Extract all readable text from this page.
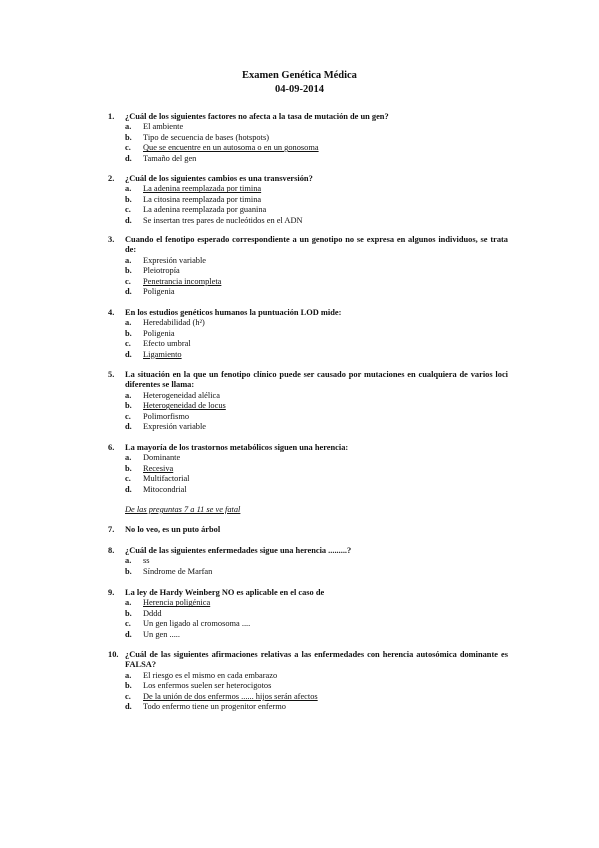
Examen Genética Médica
04-09-2014
1. ¿Cuál de los siguientes factores no afecta a la tasa de mutación de un gen?
a. El ambiente
b. Tipo de secuencia de bases (hotspots)
c. Que se encuentre en un autosoma o en un gonosoma
d. Tamaño del gen
2. ¿Cuál de los siguientes cambios es una transversión?
a. La adenina reemplazada por timina
b. La citosina reemplazada por timina
c. La adenina reemplazada por guanina
d. Se insertan tres pares de nucleótidos en el ADN
3. Cuando el fenotipo esperado correspondiente a un genotipo no se expresa en algunos individuos, se trata de:
a. Expresión variable
b. Pleiotropía
c. Penetrancia incompleta
d. Poligenia
4. En los estudios genéticos humanos la puntuación LOD mide:
a. Heredabilidad (h²)
b. Poligenia
c. Efecto umbral
d. Ligamiento
5. La situación en la que un fenotipo clínico puede ser causado por mutaciones en cualquiera de varios loci diferentes se llama:
a. Heterogeneidad alélica
b. Heterogeneidad de locus
c. Polimorfismo
d. Expresión variable
6. La mayoría de los trastornos metabólicos siguen una herencia:
a. Dominante
b. Recesiva
c. Multifactorial
d. Mitocondrial
7. No lo veo, es un puto árbol
8. ¿Cuál de las siguientes enfermedades sigue una herencia .........?
a. ss
b. Síndrome de Marfan
9. La ley de Hardy Weinberg NO es aplicable en el caso de
a. Herencia poligénica
b. Dddd
c. Un gen ligado al cromosoma ....
d. Un gen .....
10. ¿Cuál de las siguientes afirmaciones relativas a las enfermedades con herencia autosómica dominante es FALSA?
a. El riesgo es el mismo en cada embarazo
b. Los enfermos suelen ser heterocigotos
c. De la unión de dos enfermos ...... hijos serán afectos
d. Todo enfermo tiene un progenitor enfermo
De las preguntas 7 a 11 se ve fatal
